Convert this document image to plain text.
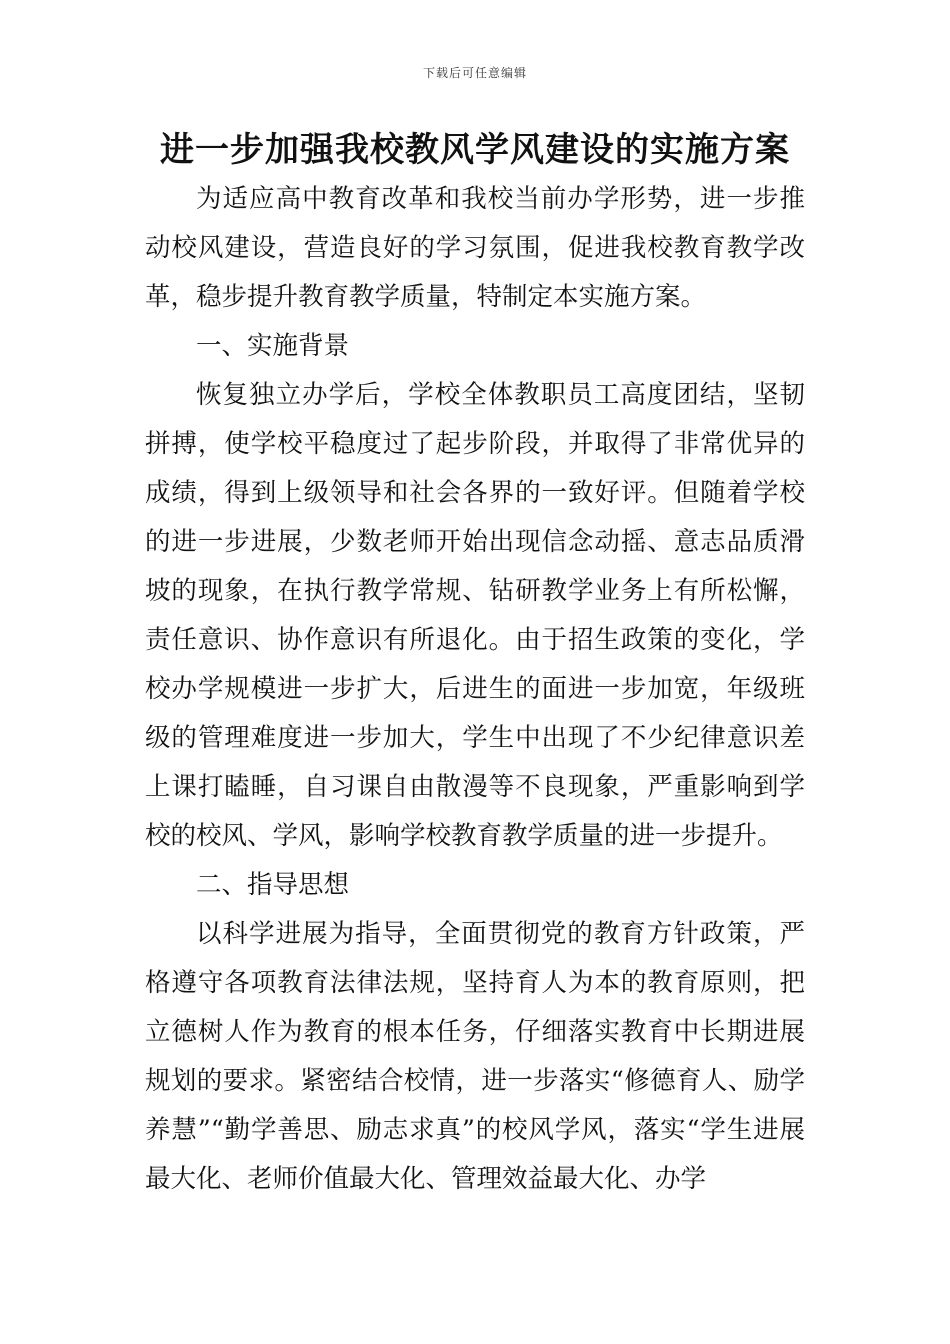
下载后可任意编辑
进一步加强我校教风学风建设的实施方案

为适应高中教育改革和我校当前办学形势，进一步推动校风建设，营造良好的学习氛围，促进我校教育教学改革，稳步提升教育教学质量，特制定本实施方案。

一、实施背景

恢复独立办学后，学校全体教职员工高度团结，坚韧拼搏，使学校平稳度过了起步阶段，并取得了非常优异的成绩，得到上级领导和社会各界的一致好评。但随着学校的进一步进展，少数老师开始出现信念动摇、意志品质滑坡的现象，在执行教学常规、钻研教学业务上有所松懈，责任意识、协作意识有所退化。由于招生政策的变化，学校办学规模进一步扩大，后进生的面进一步加宽，年级班级的管理难度进一步加大，学生中出现了不少纪律意识差上课打瞌睡，自习课自由散漫等不良现象，严重影响到学校的校风、学风，影响学校教育教学质量的进一步提升。

二、指导思想

以科学进展为指导，全面贯彻党的教育方针政策，严格遵守各项教育法律法规，坚持育人为本的教育原则，把立德树人作为教育的根本任务，仔细落实教育中长期进展规划的要求。紧密结合校情，进一步落实“修德育人、励学养慧”“勤学善思、励志求真”的校风学风，落实“学生进展最大化、老师价值最大化、管理效益最大化、办学
